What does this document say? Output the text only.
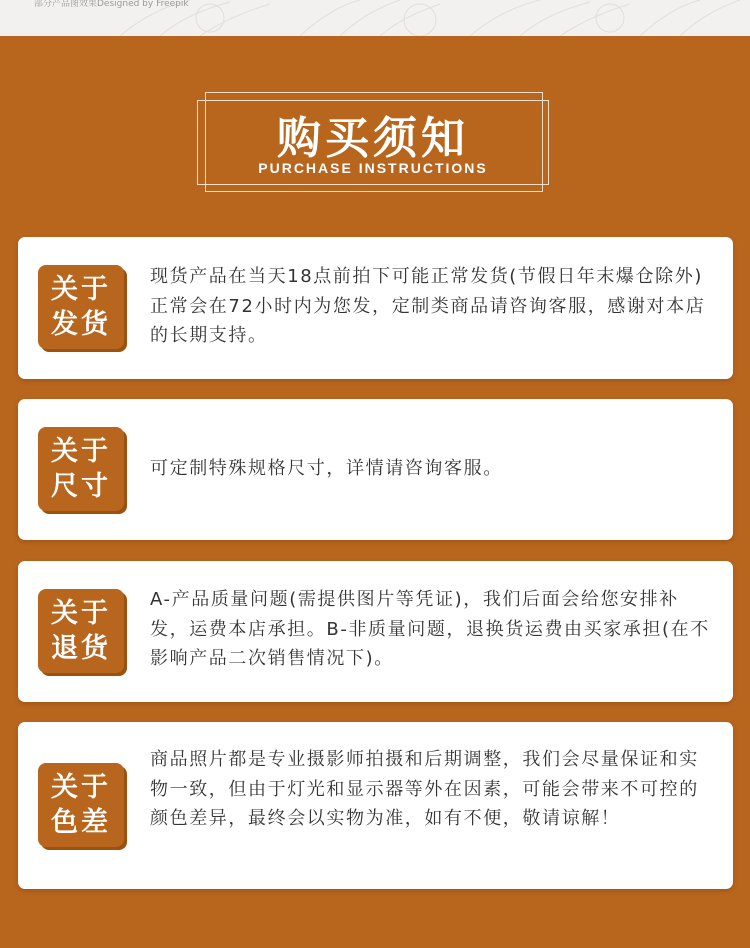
部分产品图效果Designed by Freepik
购买须知
PURCHASE INSTRUCTIONS
关于
发货
现货产品在当天18点前拍下可能正常发货(节假日年末爆仓除外)正常会在72小时内为您发，定制类商品请咨询客服，感谢对本店的长期支持。
关于
尺寸
可定制特殊规格尺寸，详情请咨询客服。
关于
退货
A-产品质量问题(需提供图片等凭证)，我们后面会给您安排补发，运费本店承担。B-非质量问题，退换货运费由买家承担(在不影响产品二次销售情况下)。
关于
色差
商品照片都是专业摄影师拍摄和后期调整，我们会尽量保证和实物一致，但由于灯光和显示器等外在因素，可能会带来不可控的颜色差异，最终会以实物为准，如有不便，敬请谅解！
